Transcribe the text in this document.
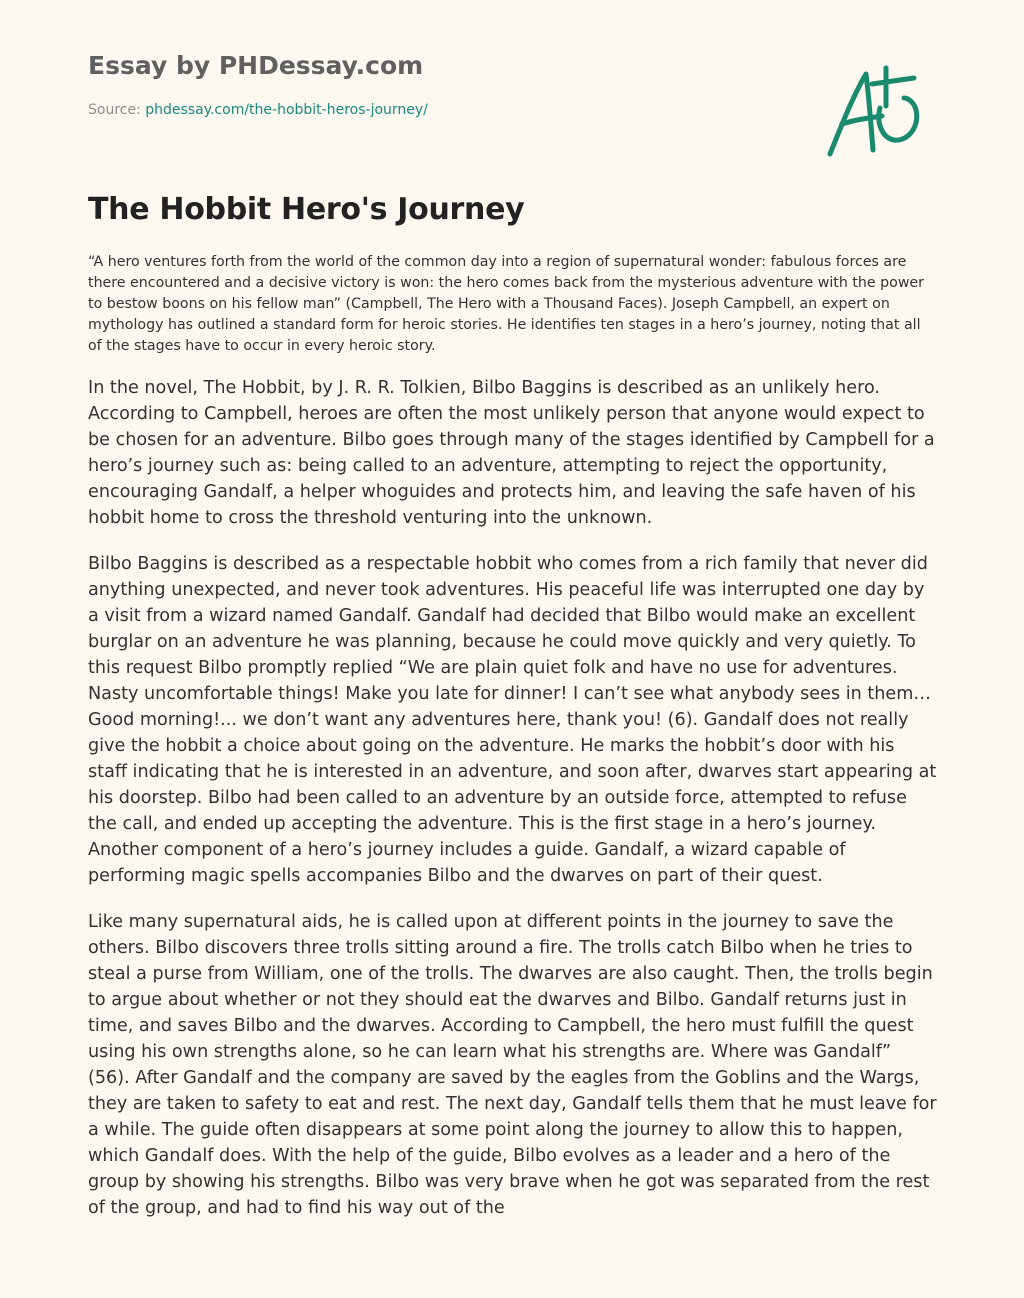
Essay by PHDessay.com
Source: phdessay.com/the-hobbit-heros-journey/
A+
The Hobbit Hero's Journey

“A hero ventures forth from the world of the common day into a region of supernatural wonder: fabulous forces are there encountered and a decisive victory is won: the hero comes back from the mysterious adventure with the power to bestow boons on his fellow man” (Campbell, The Hero with a Thousand Faces). Joseph Campbell, an expert on mythology has outlined a standard form for heroic stories. He identifies ten stages in a hero’s journey, noting that all of the stages have to occur in every heroic story.

In the novel, The Hobbit, by J. R. R. Tolkien, Bilbo Baggins is described as an unlikely hero. According to Campbell, heroes are often the most unlikely person that anyone would expect to be chosen for an adventure. Bilbo goes through many of the stages identified by Campbell for a hero’s journey such as: being called to an adventure, attempting to reject the opportunity, encouraging Gandalf, a helper whoguides and protects him, and leaving the safe haven of his hobbit home to cross the threshold venturing into the unknown.

Bilbo Baggins is described as a respectable hobbit who comes from a rich family that never did anything unexpected, and never took adventures. His peaceful life was interrupted one day by a visit from a wizard named Gandalf. Gandalf had decided that Bilbo would make an excellent burglar on an adventure he was planning, because he could move quickly and very quietly. To this request Bilbo promptly replied “We are plain quiet folk and have no use for adventures. Nasty uncomfortable things! Make you late for dinner! I can’t see what anybody sees in them…Good morning!... we don’t want any adventures here, thank you! (6). Gandalf does not really give the hobbit a choice about going on the adventure. He marks the hobbit’s door with his staff indicating that he is interested in an adventure, and soon after, dwarves start appearing at his doorstep. Bilbo had been called to an adventure by an outside force, attempted to refuse the call, and ended up accepting the adventure. This is the first stage in a hero’s journey. Another component of a hero’s journey includes a guide. Gandalf, a wizard capable of performing magic spells accompanies Bilbo and the dwarves on part of their quest.

Like many supernatural aids, he is called upon at different points in the journey to save the others. Bilbo discovers three trolls sitting around a fire. The trolls catch Bilbo when he tries to steal a purse from William, one of the trolls. The dwarves are also caught. Then, the trolls begin to argue about whether or not they should eat the dwarves and Bilbo. Gandalf returns just in time, and saves Bilbo and the dwarves. According to Campbell, the hero must fulfill the quest using his own strengths alone, so he can learn what his strengths are. Where was Gandalf” (56). After Gandalf and the company are saved by the eagles from the Goblins and the Wargs, they are taken to safety to eat and rest. The next day, Gandalf tells them that he must leave for a while. The guide often disappears at some point along the journey to allow this to happen, which Gandalf does. With the help of the guide, Bilbo evolves as a leader and a hero of the group by showing his strengths. Bilbo was very brave when he got was separated from the rest of the group, and had to find his way out of the
